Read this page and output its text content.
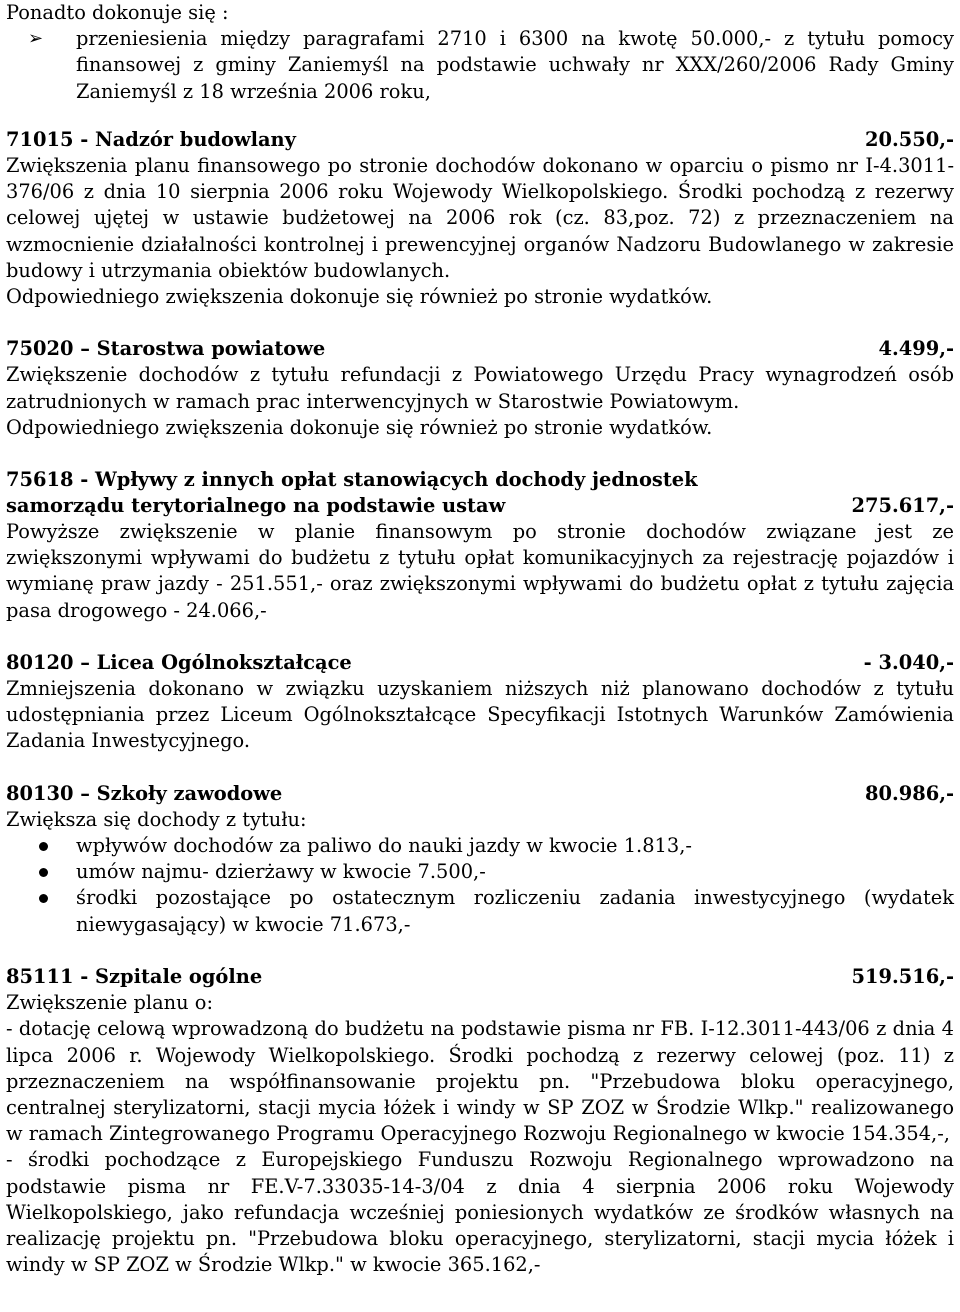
Ponadto dokonuje się :

➢ przeniesienia między paragrafami 2710 i 6300 na kwotę 50.000,- z tytułu pomocy finansowej z gminy Zaniemyśl na podstawie uchwały nr XXX/260/2006 Rady Gminy Zaniemyśl z 18 września 2006 roku,
71015 - Nadzór budowlany	20.550,-

Zwiększenia planu finansowego po stronie dochodów dokonano w oparciu o pismo nr I-4.3011-376/06 z dnia 10 sierpnia 2006 roku Wojewody Wielkopolskiego. Środki pochodzą z rezerwy celowej ujętej w ustawie budżetowej na 2006 rok (cz. 83,poz. 72) z przeznaczeniem na wzmocnienie działalności kontrolnej i prewencyjnej organów Nadzoru Budowlanego w zakresie budowy i utrzymania obiektów budowlanych.

Odpowiedniego zwiększenia dokonuje się również po stronie wydatków.

75020 – Starostwa powiatowe	4.499,-

Zwiększenie dochodów z tytułu refundacji z Powiatowego Urzędu Pracy wynagrodzeń osób zatrudnionych w ramach prac interwencyjnych w Starostwie Powiatowym.

Odpowiedniego zwiększenia dokonuje się również po stronie wydatków.

75618 - Wpływy z innych opłat stanowiących dochody jednostek
samorządu terytorialnego na podstawie ustaw	275.617,-

Powyższe zwiększenie w planie finansowym po stronie dochodów związane jest ze zwiększonymi wpływami do budżetu z tytułu opłat komunikacyjnych za rejestrację pojazdów i wymianę praw jazdy - 251.551,- oraz zwiększonymi wpływami do budżetu opłat z tytułu zajęcia pasa drogowego - 24.066,-

80120 – Licea Ogólnokształcące	- 3.040,-

Zmniejszenia dokonano w związku uzyskaniem niższych niż planowano dochodów z tytułu udostępniania przez Liceum Ogólnokształcące Specyfikacji Istotnych Warunków Zamówienia Zadania Inwestycyjnego.

80130 – Szkoły zawodowe	80.986,-

Zwiększa się dochody z tytułu:

wpływów dochodów za paliwo do nauki jazdy w kwocie 1.813,-
umów najmu- dzierżawy w kwocie 7.500,-
środki pozostające po ostatecznym rozliczeniu zadania inwestycyjnego (wydatek niewygasający) w kwocie 71.673,-
85111 - Szpitale ogólne	519.516,-

Zwiększenie planu o:

- dotację celową wprowadzoną do budżetu na podstawie pisma nr FB. I-12.3011-443/06 z dnia 4 lipca 2006 r. Wojewody Wielkopolskiego. Środki pochodzą z rezerwy celowej (poz. 11) z przeznaczeniem na współfinansowanie projektu pn. "Przebudowa bloku operacyjnego, centralnej sterylizatorni, stacji mycia łóżek i windy w SP ZOZ w Środzie Wlkp." realizowanego w ramach Zintegrowanego Programu Operacyjnego Rozwoju Regionalnego w kwocie 154.354,-,

- środki pochodzące z Europejskiego Funduszu Rozwoju Regionalnego wprowadzono na podstawie pisma nr FE.V-7.33035-14-3/04 z dnia 4 sierpnia 2006 roku Wojewody Wielkopolskiego, jako refundacja wcześniej poniesionych wydatków ze środków własnych na realizację projektu pn. "Przebudowa bloku operacyjnego, sterylizatorni, stacji mycia łóżek i windy w SP ZOZ w Środzie Wlkp." w kwocie 365.162,-
